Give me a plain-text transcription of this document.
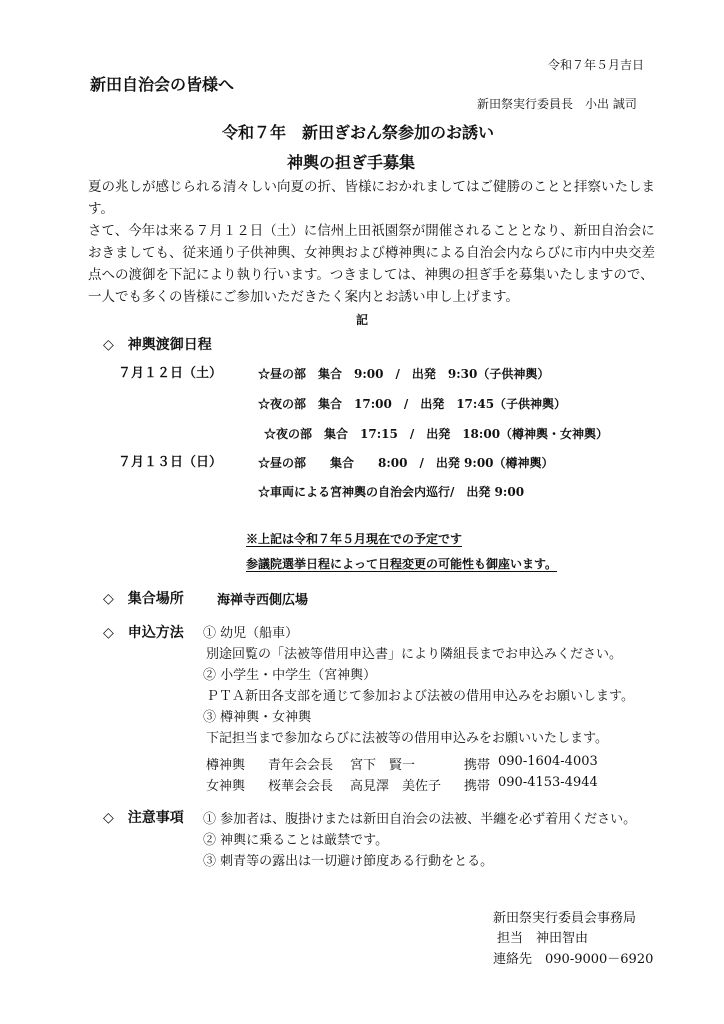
令和７年５月吉日
新田自治会の皆様へ
新田祭実行委員長　小出 誠司
令和７年　新田ぎおん祭参加のお誘い
神輿の担ぎ手募集

夏の兆しが感じられる清々しい向夏の折、皆様におかれましてはご健勝のことと拝察いたします。

さて、今年は来る７月１２日（土）に信州上田祇園祭が開催されることとなり、新田自治会におきましても、従来通り子供神輿、女神輿および樽神輿による自治会内ならびに市内中央交差点への渡御を下記により執り行います。つきましては、神輿の担ぎ手を募集いたしますので、一人でも多くの皆様にご参加いただきたく案内とお誘い申し上げます。

記
◇　神輿渡御日程
７月１２日（土）	☆昼の部　集合　9:00　/　出発　9:30（子供神輿）
☆夜の部　集合　17:00　/　出発　17:45（子供神輿）
☆夜の部　集合　17:15　/　出発　18:00（樽神輿・女神輿）
７月１３日（日）	☆昼の部　　集合　　8:00　/　出発 9:00（樽神輿）
☆車両による宮神輿の自治会内巡行/　出発 9:00
※上記は令和７年５月現在での予定です
参議院選挙日程によって日程変更の可能性も御座います。
◇　集合場所	海禅寺西側広場
◇　申込方法 ① 幼児（船車）
別途回覧の「法被等借用申込書」により隣組長までお申込みください。
② 小学生・中学生（宮神輿）
ＰＴＡ新田各支部を通じて参加および法被の借用申込みをお願いします。
③ 樽神輿・女神輿
下記担当まで参加ならびに法被等の借用申込みをお願いいたします。
樽神輿 青年会会長 宮下　賢一	携帯 090-1604-4003
女神輿 桜華会会長 高見澤　美佐子 携帯 090-4153-4944
◇　注意事項 ① 参加者は、腹掛けまたは新田自治会の法被、半纏を必ず着用ください。
② 神輿に乗ることは厳禁です。
③ 刺青等の露出は一切避け節度ある行動をとる。
新田祭実行委員会事務局
担当　神田智由
連絡先　090-9000－6920
